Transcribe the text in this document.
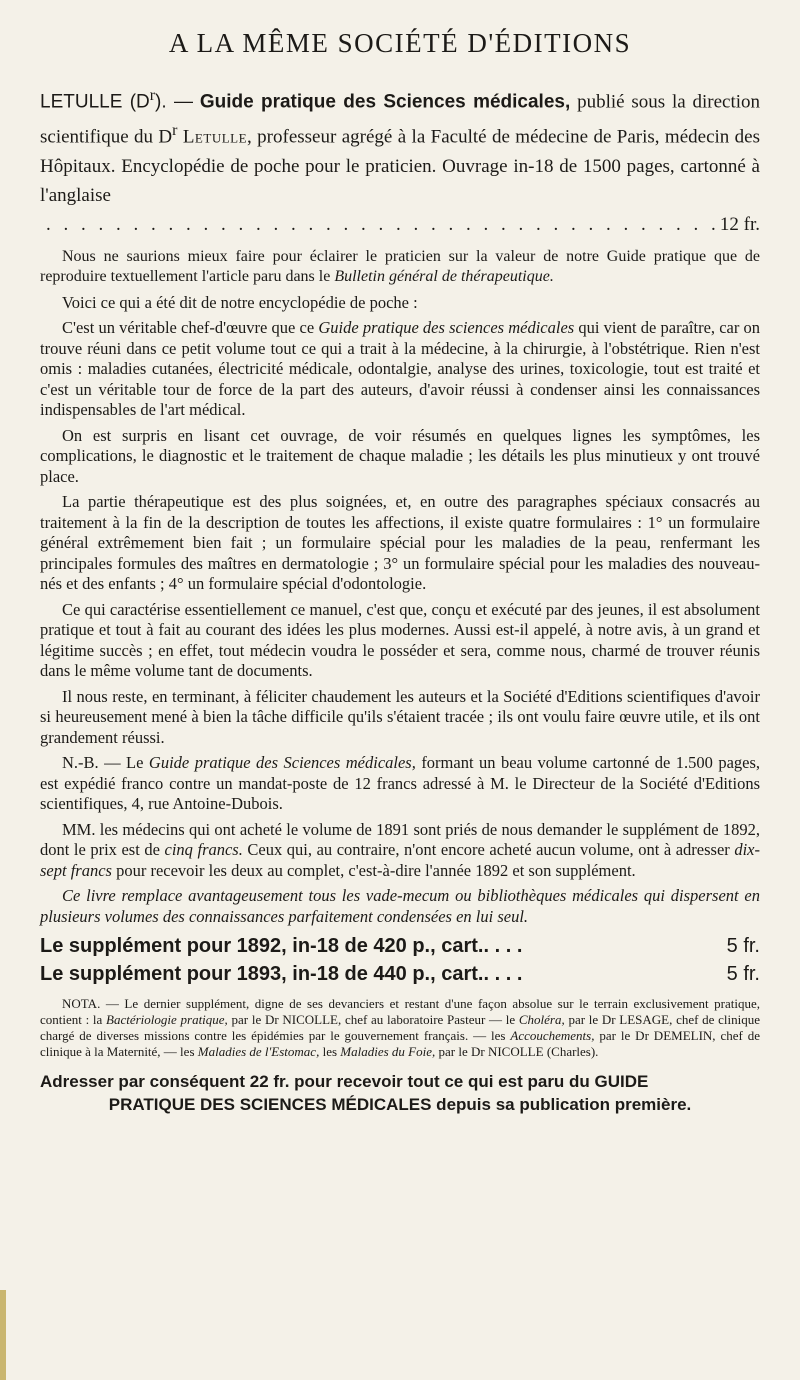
A LA MÊME SOCIÉTÉ D'ÉDITIONS

LETULLE $(D^r)$. — Guide pratique des Sciences médicales, publié sous la direction scientifique du $D^r$ Letulle, professeur agrégé à la Faculté de médecine de Paris, médecin des Hôpitaux. Encyclopédie de poche pour le praticien. Ouvrage in-18 de 1500 pages, cartonné à l'anglaise

. . .
12 fr.

Nous ne saurions mieux faire pour éclairer le praticien sur la valeur de notre Guide pratique que de reproduire textuellement l'article paru dans le Bulletin général de thérapeutique.

Voici ce qui a été dit de notre encyclopédie de poche :

C'est un véritable chef-d'œuvre que ce Guide pratique des sciences médicales qui vient de paraître, car on trouve réuni dans ce petit volume tout ce qui a trait à la médecine, à la chirurgie, à l'obstétrique. Rien n'est omis : maladies cutanées, électricité médicale, odontalgie, analyse des urines, toxicologie, tout est traité et c'est un véritable tour de force de la part des auteurs, d'avoir réussi à condenser ainsi les connaissances indispensables de l'art médical.

On est surpris en lisant cet ouvrage, de voir résumés en quelques lignes les symptômes, les complications, le diagnostic et le traitement de chaque maladie ; les détails les plus minutieux y ont trouvé place.

La partie thérapeutique est des plus soignées, et, en outre des paragraphes spéciaux consacrés au traitement à la fin de la description de toutes les affections, il existe quatre formulaires : 1° un formulaire général extrêmement bien fait ; un formulaire spécial pour les maladies de la peau, renfermant les principales formules des maîtres en dermatologie ; 3° un formulaire spécial pour les maladies des nouveau-nés et des enfants ; 4° un formulaire spécial d'odontologie.

Ce qui caractérise essentiellement ce manuel, c'est que, conçu et exécuté par des jeunes, il est absolument pratique et tout à fait au courant des idées les plus modernes. Aussi est-il appelé, à notre avis, à un grand et légitime succès ; en effet, tout médecin voudra le posséder et sera, comme nous, charmé de trouver réunis dans le même volume tant de documents.

Il nous reste, en terminant, à féliciter chaudement les auteurs et la Société d'Editions scientifiques d'avoir si heureusement mené à bien la tâche difficile qu'ils s'étaient tracée ; ils ont voulu faire œuvre utile, et ils ont grandement réussi.

N.-B. — Le Guide pratique des Sciences médicales, formant un beau volume cartonné de 1.500 pages, est expédié franco contre un mandat-poste de 12 francs adressé à M. le Directeur de la Société d'Editions scientifiques, 4, rue Antoine-Dubois.

MM. les médecins qui ont acheté le volume de 1891 sont priés de nous demander le supplément de 1892, dont le prix est de cinq francs. Ceux qui, au contraire, n'ont encore acheté aucun volume, ont à adresser dix-sept francs pour recevoir les deux au complet, c'est-à-dire l'année 1892 et son supplément.

Ce livre remplace avantageusement tous les vade-mecum ou bibliothèques médicales qui dispersent en plusieurs volumes des connaissances parfaitement condensées en lui seul.

Le supplément pour 1892, in-18 de 420 p., cart.. . . .	5 fr.
Le supplément pour 1893, in-18 de 440 p., cart.. . . .	5 fr.

NOTA. — Le dernier supplément, digne de ses devanciers et restant d'une façon absolue sur le terrain exclusivement pratique, contient : la Bactériologie pratique, par le Dr NICOLLE, chef au laboratoire Pasteur — le Choléra, par le Dr LESAGE, chef de clinique chargé de diverses missions contre les épidémies par le gouvernement français. — les Accouchements, par le Dr DEMELIN, chef de clinique à la Maternité, — les Maladies de l'Estomac, les Maladies du Foie, par le Dr NICOLLE (Charles).

Adresser par conséquent 22 fr. pour recevoir tout ce qui est paru du GUIDE
PRATIQUE DES SCIENCES MÉDICALES depuis sa publication première.
